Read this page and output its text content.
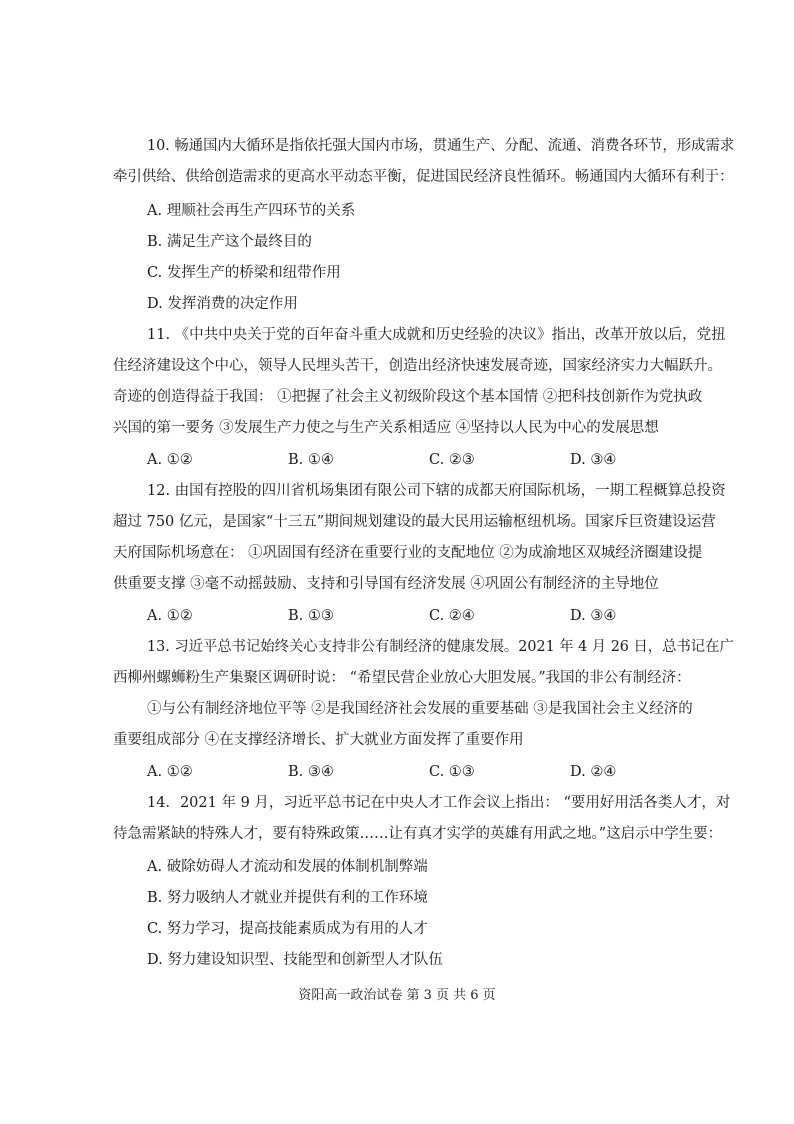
10. 畅通国内大循环是指依托强大国内市场，贯通生产、分配、流通、消费各环节，形成需求
牵引供给、供给创造需求的更高水平动态平衡，促进国民经济良性循环。畅通国内大循环有利于：
A. 理顺社会再生产四环节的关系
B. 满足生产这个最终目的
C. 发挥生产的桥梁和纽带作用
D. 发挥消费的决定作用
11. 《中共中央关于党的百年奋斗重大成就和历史经验的决议》指出，改革开放以后，党扭
住经济建设这个中心，领导人民埋头苦干，创造出经济快速发展奇迹，国家经济实力大幅跃升。
奇迹的创造得益于我国： ①把握了社会主义初级阶段这个基本国情 ②把科技创新作为党执政
兴国的第一要务 ③发展生产力使之与生产关系相适应 ④坚持以人民为中心的发展思想
A. ①②	B. ①④	C. ②③	D. ③④
12. 由国有控股的四川省机场集团有限公司下辖的成都天府国际机场，一期工程概算总投资
超过 750 亿元，是国家“十三五”期间规划建设的最大民用运输枢纽机场。国家斥巨资建设运营
天府国际机场意在： ①巩固国有经济在重要行业的支配地位 ②为成渝地区双城经济圈建设提
供重要支撑 ③毫不动摇鼓励、支持和引导国有经济发展 ④巩固公有制经济的主导地位
A. ①②	B. ①③	C. ②④	D. ③④
13. 习近平总书记始终关心支持非公有制经济的健康发展。2021 年 4 月 26 日，总书记在广
西柳州螺蛳粉生产集聚区调研时说： “希望民营企业放心大胆发展。”我国的非公有制经济：
①与公有制经济地位平等 ②是我国经济社会发展的重要基础 ③是我国社会主义经济的
重要组成部分 ④在支撑经济增长、扩大就业方面发挥了重要作用
A. ①②	B. ③④	C. ①③	D. ②④
14．2021 年 9 月，习近平总书记在中央人才工作会议上指出： “要用好用活各类人才，对
待急需紧缺的特殊人才，要有特殊政策……让有真才实学的英雄有用武之地。”这启示中学生要：
A. 破除妨碍人才流动和发展的体制机制弊端
B. 努力吸纳人才就业并提供有利的工作环境
C. 努力学习，提高技能素质成为有用的人才
D. 努力建设知识型、技能型和创新型人才队伍
资阳高一政治试卷 第 3 页 共 6 页
